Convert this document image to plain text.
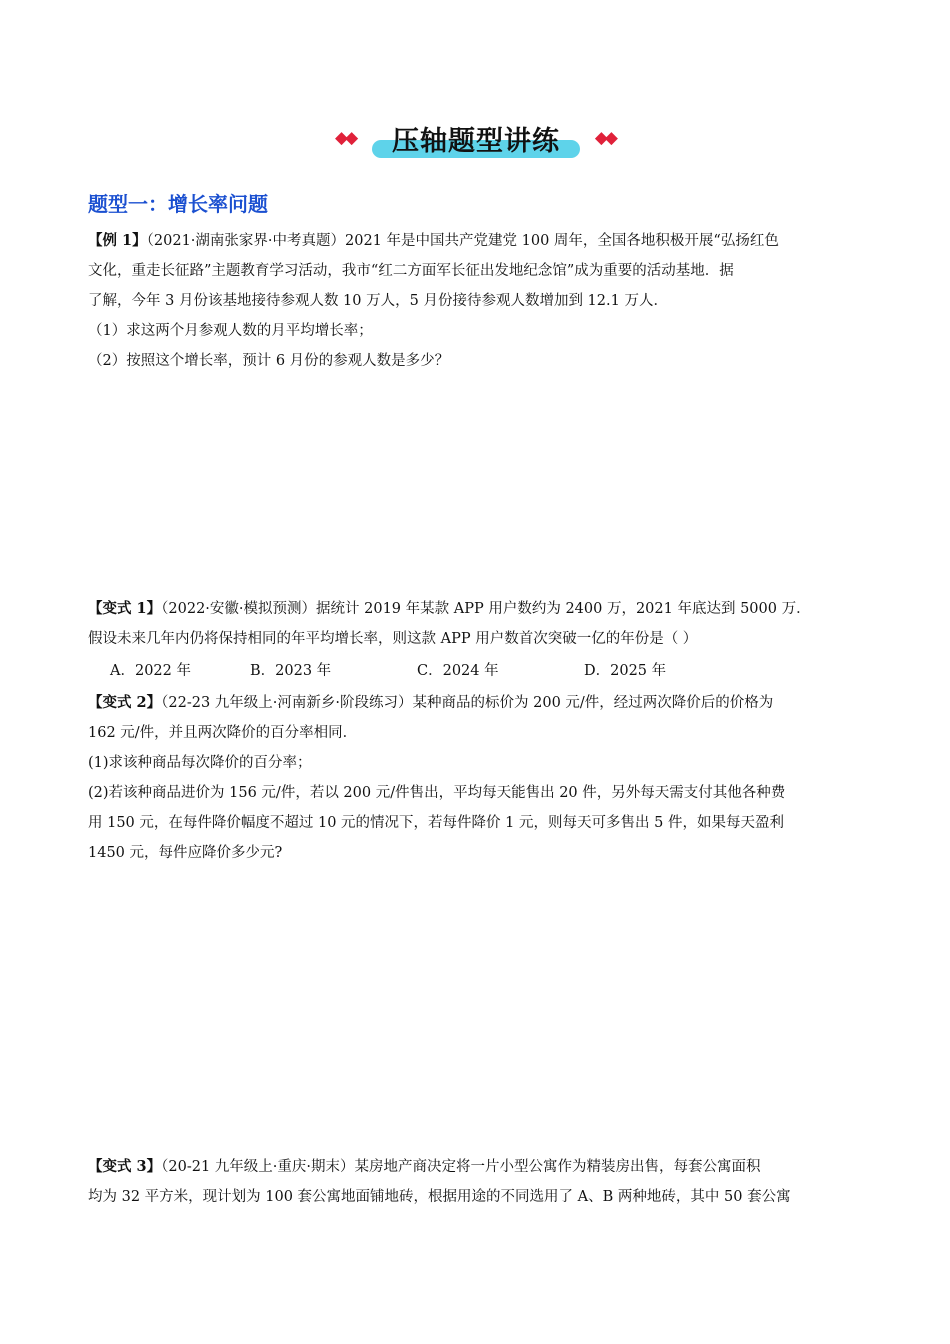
◆◆	压轴题型讲练	◆◆
题型一：增长率问题
【例 1】（2021·湖南张家界·中考真题）2021 年是中国共产党建党 100 周年，全国各地积极开展“弘扬红色
文化，重走长征路”主题教育学习活动，我市“红二方面军长征出发地纪念馆”成为重要的活动基地．据
了解，今年 3 月份该基地接待参观人数 10 万人，5 月份接待参观人数增加到 12.1 万人．
（1）求这两个月参观人数的月平均增长率；
（2）按照这个增长率，预计 6 月份的参观人数是多少？
【变式 1】（2022·安徽·模拟预测）据统计 2019 年某款 APP 用户数约为 2400 万，2021 年底达到 5000 万．
假设未来几年内仍将保持相同的年平均增长率，则这款 APP 用户数首次突破一亿的年份是（ ）
A．2022 年	B．2023 年	C．2024 年	D．2025 年
【变式 2】（22-23 九年级上·河南新乡·阶段练习）某种商品的标价为 200 元/件，经过两次降价后的价格为
162 元/件，并且两次降价的百分率相同．
(1)求该种商品每次降价的百分率；
(2)若该种商品进价为 156 元/件，若以 200 元/件售出，平均每天能售出 20 件，另外每天需支付其他各种费
用 150 元，在每件降价幅度不超过 10 元的情况下，若每件降价 1 元，则每天可多售出 5 件，如果每天盈利
1450 元，每件应降价多少元?
【变式 3】（20-21 九年级上·重庆·期末）某房地产商决定将一片小型公寓作为精装房出售，每套公寓面积
均为 32 平方米，现计划为 100 套公寓地面铺地砖，根据用途的不同选用了 A、B 两种地砖，其中 50 套公寓
